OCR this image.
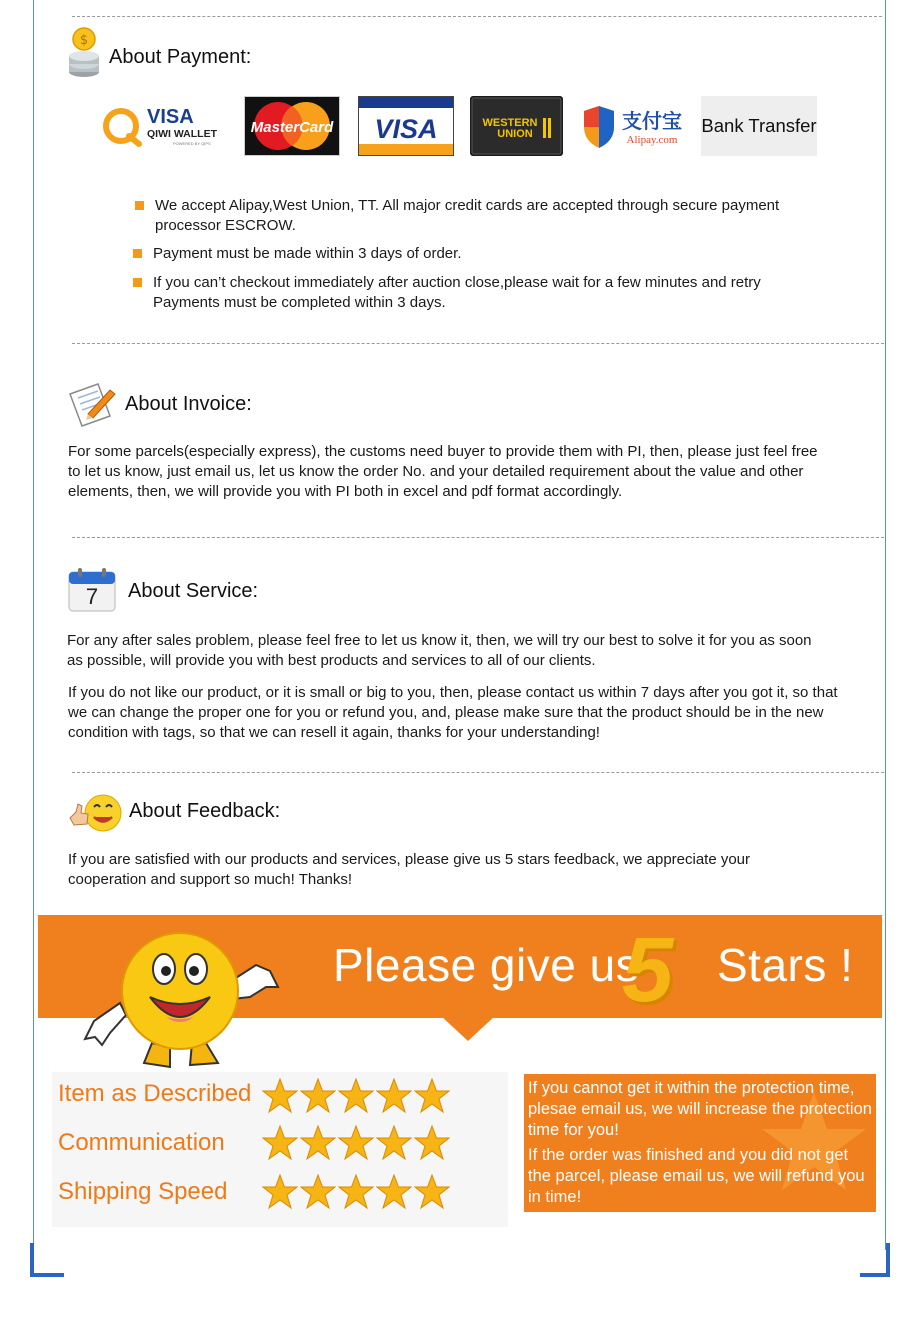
$
About Payment:
VISA
QIWI WALLET
POWERED BY QIPS
MasterCard VISA	WESTERN
UNION
支付宝
Alipay.com
Bank Transfer
We accept Alipay,West Union, TT. All major credit cards are accepted through secure payment processor ESCROW.
Payment must be made within 3 days of order.
If you can’t checkout immediately after auction close,please wait for a few minutes and retry Payments must be completed within 3 days.
About Invoice:
For some parcels(especially express), the customs need buyer to provide them with PI, then, please just feel free to let us know, just email us, let us know the order No. and your detailed requirement about the value and other elements, then, we will provide you with PI both in excel and pdf format accordingly.
7	About Service:
For any after sales problem, please feel free to let us know it, then, we will try our best to solve it for you as soon as possible, will provide you with best products and services to all of our clients.
If you do not like our product, or it is small or big to you, then, please contact us within 7 days after you got it, so that we can change the proper one for you or refund you, and, please make sure that the product should be in the new condition with tags, so that we can resell it again, thanks for your understanding!
About Feedback:
If you are satisfied with our products and services, please give us 5 stars feedback, we appreciate your cooperation and support so much! Thanks!
Please give us
5 Stars !
Item as Described
Communication
Shipping Speed
If you cannot get it within the protection time, plesae email us, we will increase the protection time for you!
If the order was finished and you did not get the parcel, please email us, we will refund you in time!
